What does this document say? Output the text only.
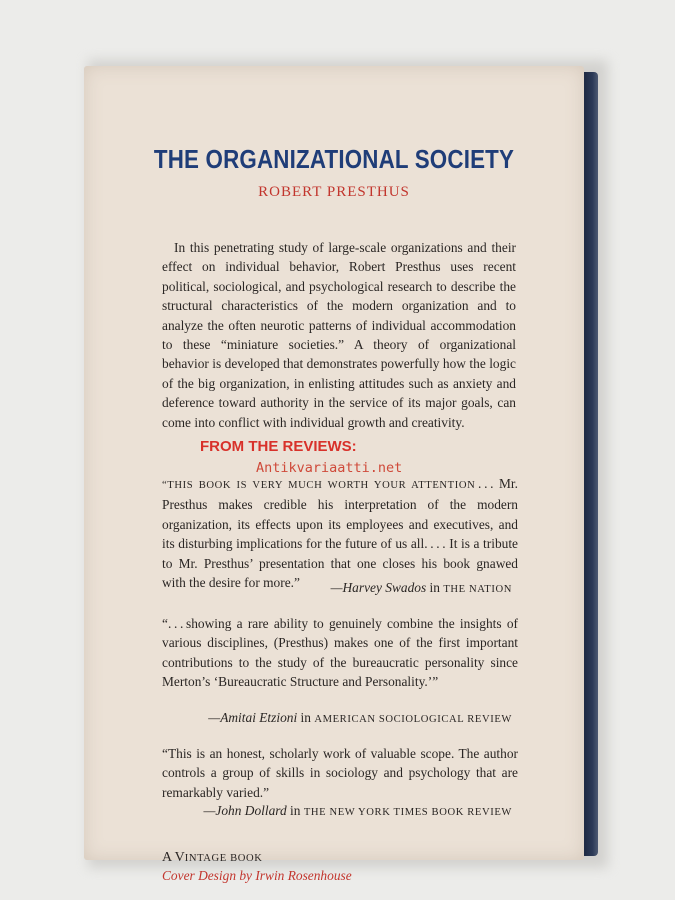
THE ORGANIZATIONAL SOCIETY
ROBERT PRESTHUS

In this penetrating study of large-scale organizations and their effect on individual behavior, Robert Presthus uses recent political, sociological, and psychological research to describe the structural characteristics of the modern organization and to analyze the often neurotic patterns of individual accommodation to these “miniature societies.” A theory of organizational behavior is developed that demonstrates powerfully how the logic of the big organization, in enlisting attitudes such as anxiety and deference toward authority in the service of its major goals, can come into conflict with individual growth and creativity.

FROM THE REVIEWS:
Antikvariaatti.net

“THIS BOOK IS VERY MUCH WORTH YOUR ATTENTION . . . Mr. Presthus makes credible his interpretation of the modern organization, its effects upon its employees and executives, and its disturbing implications for the future of us all. . . . It is a tribute to Mr. Presthus’ presentation that one closes his book gnawed with the desire for more.”	—Harvey Swados in THE NATION

“. . . showing a rare ability to genuinely combine the insights of various disciplines, (Presthus) makes one of the first important contributions to the study of the bureaucratic personality since Merton’s ‘Bureaucratic Structure and Personality.’”

—Amitai Etzioni in AMERICAN SOCIOLOGICAL REVIEW

“This is an honest, scholarly work of valuable scope. The author controls a group of skills in sociology and psychology that are remarkably varied.”

—John Dollard in THE NEW YORK TIMES BOOK REVIEW
A VINTAGE BOOK
Cover Design by Irwin Rosenhouse
